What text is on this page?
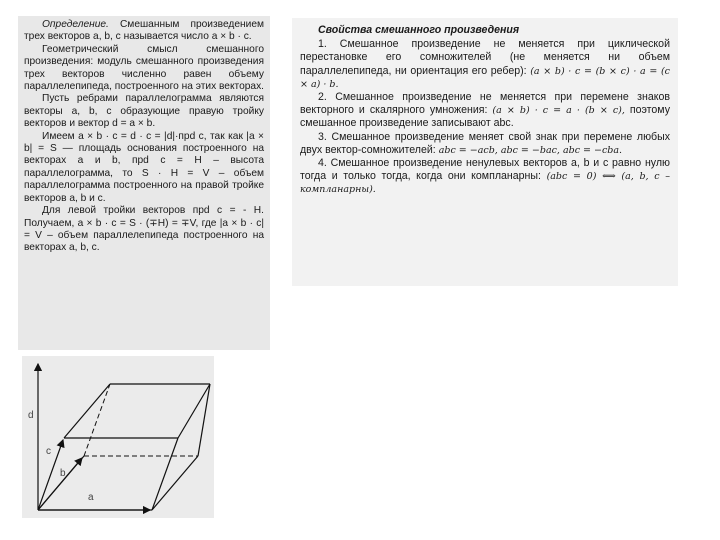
Определение. Смешанным произведением трех векторов a, b, c называется число a × b · c.

Геометрический смысл смешанного произведения: модуль смешанного произведения трех векторов численно равен объему параллелепипеда, построенного на этих векторах.

Пусть ребрами параллелограмма являются векторы a, b, c образующие правую тройку векторов и вектор d = a × b.

Имеем a × b · c = d · c = |d|·прd c, так как |a × b| = S — площадь основания построенного на векторах a и b, прd c = H – высота параллелограмма, то S · H = V – объем параллелограмма построенного на правой тройке векторов a, b и c.

Для левой тройки векторов прd c = - H. Получаем, a × b · c = S · (∓H) = ∓V, где |a × b · c| = V – объем параллелепипеда построенного на векторах a, b, c.

Свойства смешанного произведения

1. Смешанное произведение не меняется при циклической перестановке его сомножителей (не меняется ни объем параллелепипеда, ни ориентация его ребер): (a × b) · c = (b × c) · a = (c × a) · b.

2. Смешанное произведение не меняется при перемене знаков векторного и скалярного умножения: (a × b) · c = a · (b × c), поэтому смешанное произведение записывают abc.

3. Смешанное произведение меняет свой знак при перемене любых двух вектор-сомножителей: abc = −acb, abc = −bac, abc = −cba.

4. Смешанное произведение ненулевых векторов a, b и c равно нулю тогда и только тогда, когда они компланарны: (abc = 0) ⟺ (a, b, c – компланарны).

a
b
c
d
